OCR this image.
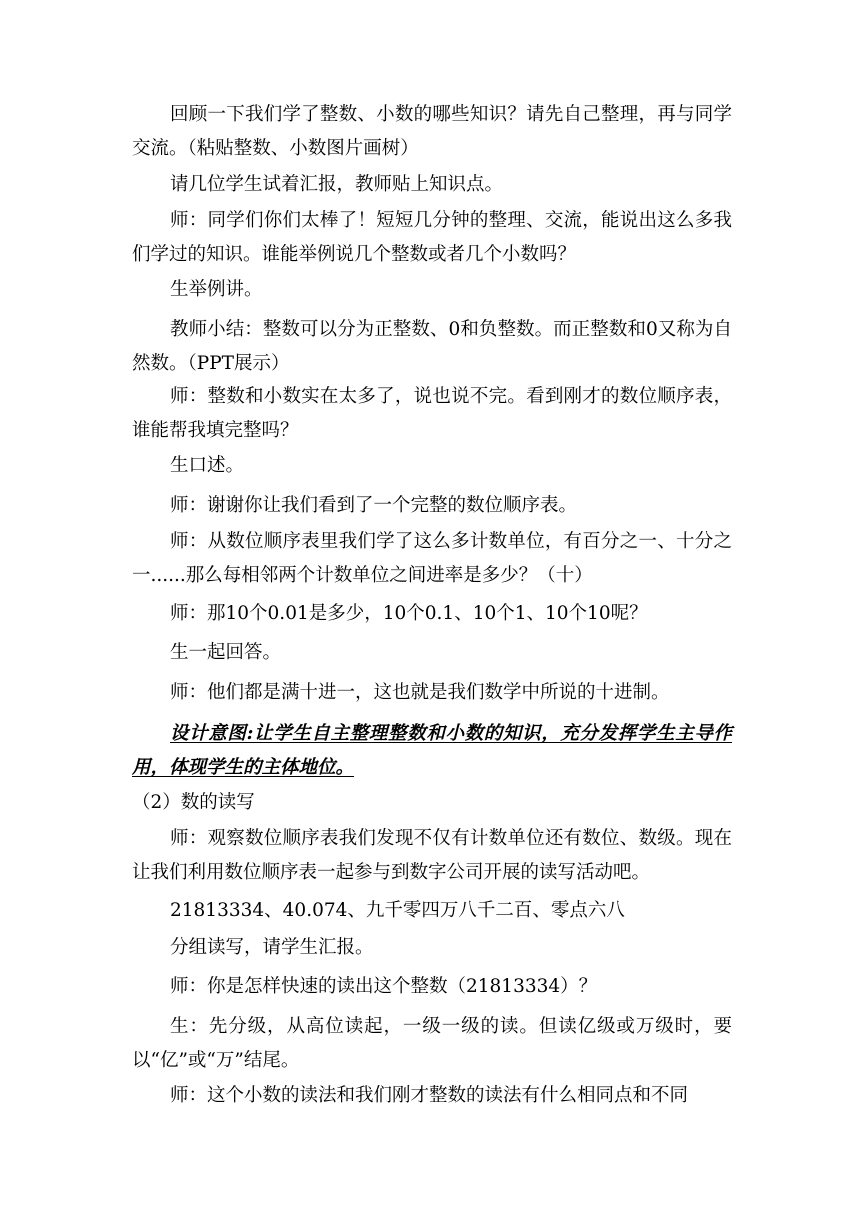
回顾一下我们学了整数、小数的哪些知识？请先自己整理，再与同学交流。（粘贴整数、小数图片画树）

请几位学生试着汇报，教师贴上知识点。

师：同学们你们太棒了！短短几分钟的整理、交流，能说出这么多我们学过的知识。谁能举例说几个整数或者几个小数吗？

生举例讲。

教师小结：整数可以分为正整数、0和负整数。而正整数和0又称为自然数。（PPT展示）

师：整数和小数实在太多了，说也说不完。看到刚才的数位顺序表，谁能帮我填完整吗？

生口述。

师：谢谢你让我们看到了一个完整的数位顺序表。

师：从数位顺序表里我们学了这么多计数单位，有百分之一、十分之一......那么每相邻两个计数单位之间进率是多少？（十）

师：那10个0.01是多少，10个0.1、10个1、10个10呢？

生一起回答。

师：他们都是满十进一，这也就是我们数学中所说的十进制。

设计意图:让学生自主整理整数和小数的知识，充分发挥学生主导作用，体现学生的主体地位。

（2）数的读写

师：观察数位顺序表我们发现不仅有计数单位还有数位、数级。现在让我们利用数位顺序表一起参与到数字公司开展的读写活动吧。

21813334、40.074、九千零四万八千二百、零点六八

分组读写，请学生汇报。

师：你是怎样快速的读出这个整数（21813334）？

生：先分级，从高位读起，一级一级的读。但读亿级或万级时，要以“亿”或“万”结尾。

师：这个小数的读法和我们刚才整数的读法有什么相同点和不同
